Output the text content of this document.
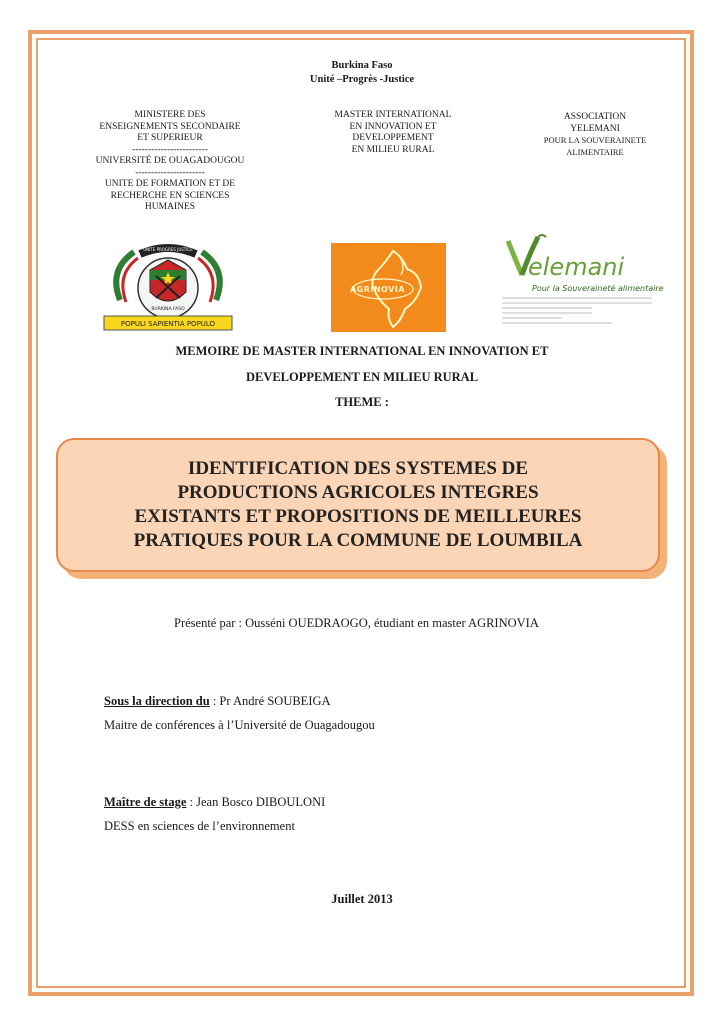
Burkina Faso
Unité –Progrès -Justice
MINISTERE DES
ENSEIGNEMENTS SECONDAIRE
ET SUPERIEUR
------------------------
UNIVERSITÉ DE OUAGADOUGOU
----------------------
UNITE DE FORMATION ET DE
RECHERCHE EN SCIENCES
HUMAINES
MASTER INTERNATIONAL
EN INNOVATION ET
DEVELOPPEMENT
EN MILIEU RURAL
ASSOCIATION
YELEMANI
POUR LA SOUVERAINETE
ALIMENTAIRE
POPULI SAPIENTIA POPULO
BURKINA FASO
UNITE PROGRES JUSTICE
AGRINOVIA
elemani
Pour la Souveraineté alimentaire
MEMOIRE DE MASTER INTERNATIONAL EN INNOVATION ET
DEVELOPPEMENT EN MILIEU RURAL
THEME :
IDENTIFICATION DES SYSTEMES DE
PRODUCTIONS AGRICOLES INTEGRES
EXISTANTS ET PROPOSITIONS DE MEILLEURES
PRATIQUES POUR LA COMMUNE DE LOUMBILA
Présenté par : Ousséni OUEDRAOGO, étudiant en master AGRINOVIA
Sous la direction du : Pr André SOUBEIGA
Maitre de conférences à l’Université de Ouagadougou
Maître de stage : Jean Bosco DIBOULONI
DESS en sciences de l’environnement
Juillet 2013
